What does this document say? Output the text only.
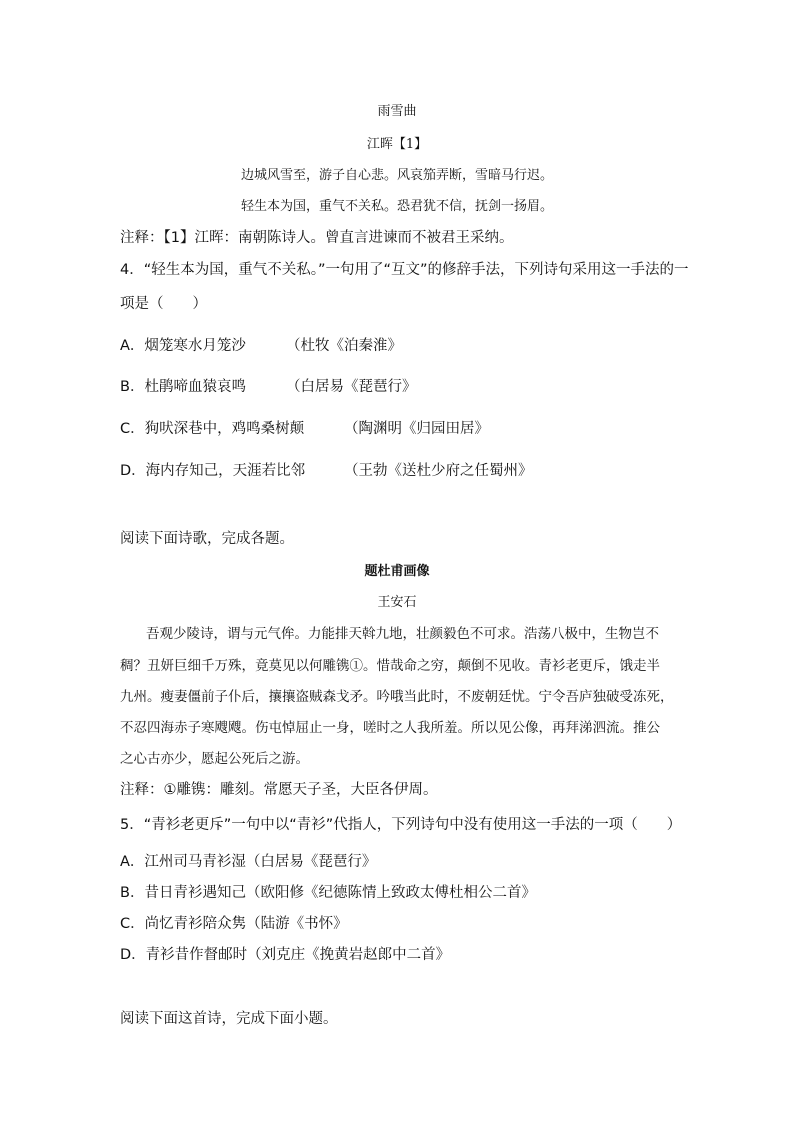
雨雪曲
江晖【1】
边城风雪至，游子自心悲。风哀笳弄断，雪暗马行迟。
轻生本为国，重气不关私。恐君犹不信，抚剑一扬眉。
注释：【1】江晖：南朝陈诗人。曾直言进谏而不被君王采纳。
4．“轻生本为国，重气不关私。”一句用了“互文”的修辞手法，下列诗句采用这一手法的一
项是（　　）
A．烟笼寒水月笼沙	（杜牧《泊秦淮》
B．杜鹃啼血猿哀鸣	（白居易《琵琶行》
C．狗吠深巷中，鸡鸣桑树颠	（陶渊明《归园田居》
D．海内存知己，天涯若比邻	（王勃《送杜少府之任蜀州》
阅读下面诗歌，完成各题。
题杜甫画像
王安石
吾观少陵诗，谓与元气侔。力能排天斡九地，壮颜毅色不可求。浩荡八极中，生物岂不
稠？丑妍巨细千万殊，竟莫见以何雕镌①。惜哉命之穷，颠倒不见收。青衫老更斥，饿走半
九州。瘦妻僵前子仆后，攘攘盗贼森戈矛。吟哦当此时，不废朝廷忧。宁令吾庐独破受冻死，
不忍四海赤子寒飕飕。伤屯悼屈止一身，嗟时之人我所羞。所以见公像，再拜涕泗流。推公
之心古亦少，愿起公死后之游。
注释：①雕镌：雕刻。常愿天子圣，大臣各伊周。
5．“青衫老更斥”一句中以“青衫”代指人，下列诗句中没有使用这一手法的一项（　　）
A．江州司马青衫湿（白居易《琵琶行》
B．昔日青衫遇知己（欧阳修《纪德陈情上致政太傅杜相公二首》
C．尚忆青衫陪众隽（陆游《书怀》
D．青衫昔作督邮时（刘克庄《挽黄岩赵郎中二首》
阅读下面这首诗，完成下面小题。
